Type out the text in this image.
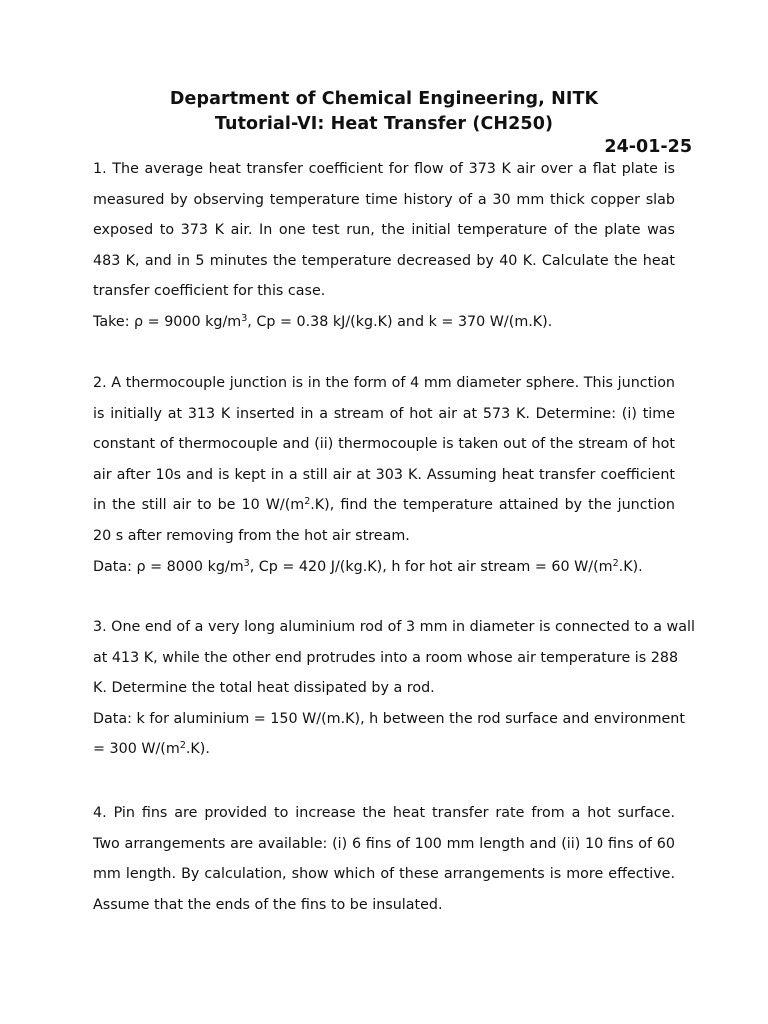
Department of Chemical Engineering, NITK
Tutorial-VI: Heat Transfer (CH250)
24-01-25
1. The average heat transfer coefficient for flow of 373 K air over a flat plate is
measured by observing temperature time history of a 30 mm thick copper slab
exposed to 373 K air. In one test run, the initial temperature of the plate was
483 K, and in 5 minutes the temperature decreased by 40 K. Calculate the heat
transfer coefficient for this case.
Take: ρ = 9000 $kg/m^3$, Cp = 0.38 kJ/(kg.K) and k = 370 W/(m.K).
2. A thermocouple junction is in the form of 4 mm diameter sphere. This junction
is initially at 313 K inserted in a stream of hot air at 573 K. Determine: (i) time
constant of thermocouple and (ii) thermocouple is taken out of the stream of hot
air after 10s and is kept in a still air at 303 K. Assuming heat transfer coefficient
in the still air to be 10 $W/(m^2.K)$, find the temperature attained by the junction
20 s after removing from the hot air stream.
Data: ρ = 8000 $kg/m^3$, Cp = 420 J/(kg.K), h for hot air stream = 60 $W/(m^2.K)$.
3. One end of a very long aluminium rod of 3 mm in diameter is connected to a wall
at 413 K, while the other end protrudes into a room whose air temperature is 288
K. Determine the total heat dissipated by a rod.
Data: k for aluminium = 150 W/(m.K), h between the rod surface and environment
= 300 $W/(m^2.K)$.
4. Pin fins are provided to increase the heat transfer rate from a hot surface.
Two arrangements are available: (i) 6 fins of 100 mm length and (ii) 10 fins of 60
mm length. By calculation, show which of these arrangements is more effective.
Assume that the ends of the fins to be insulated.
